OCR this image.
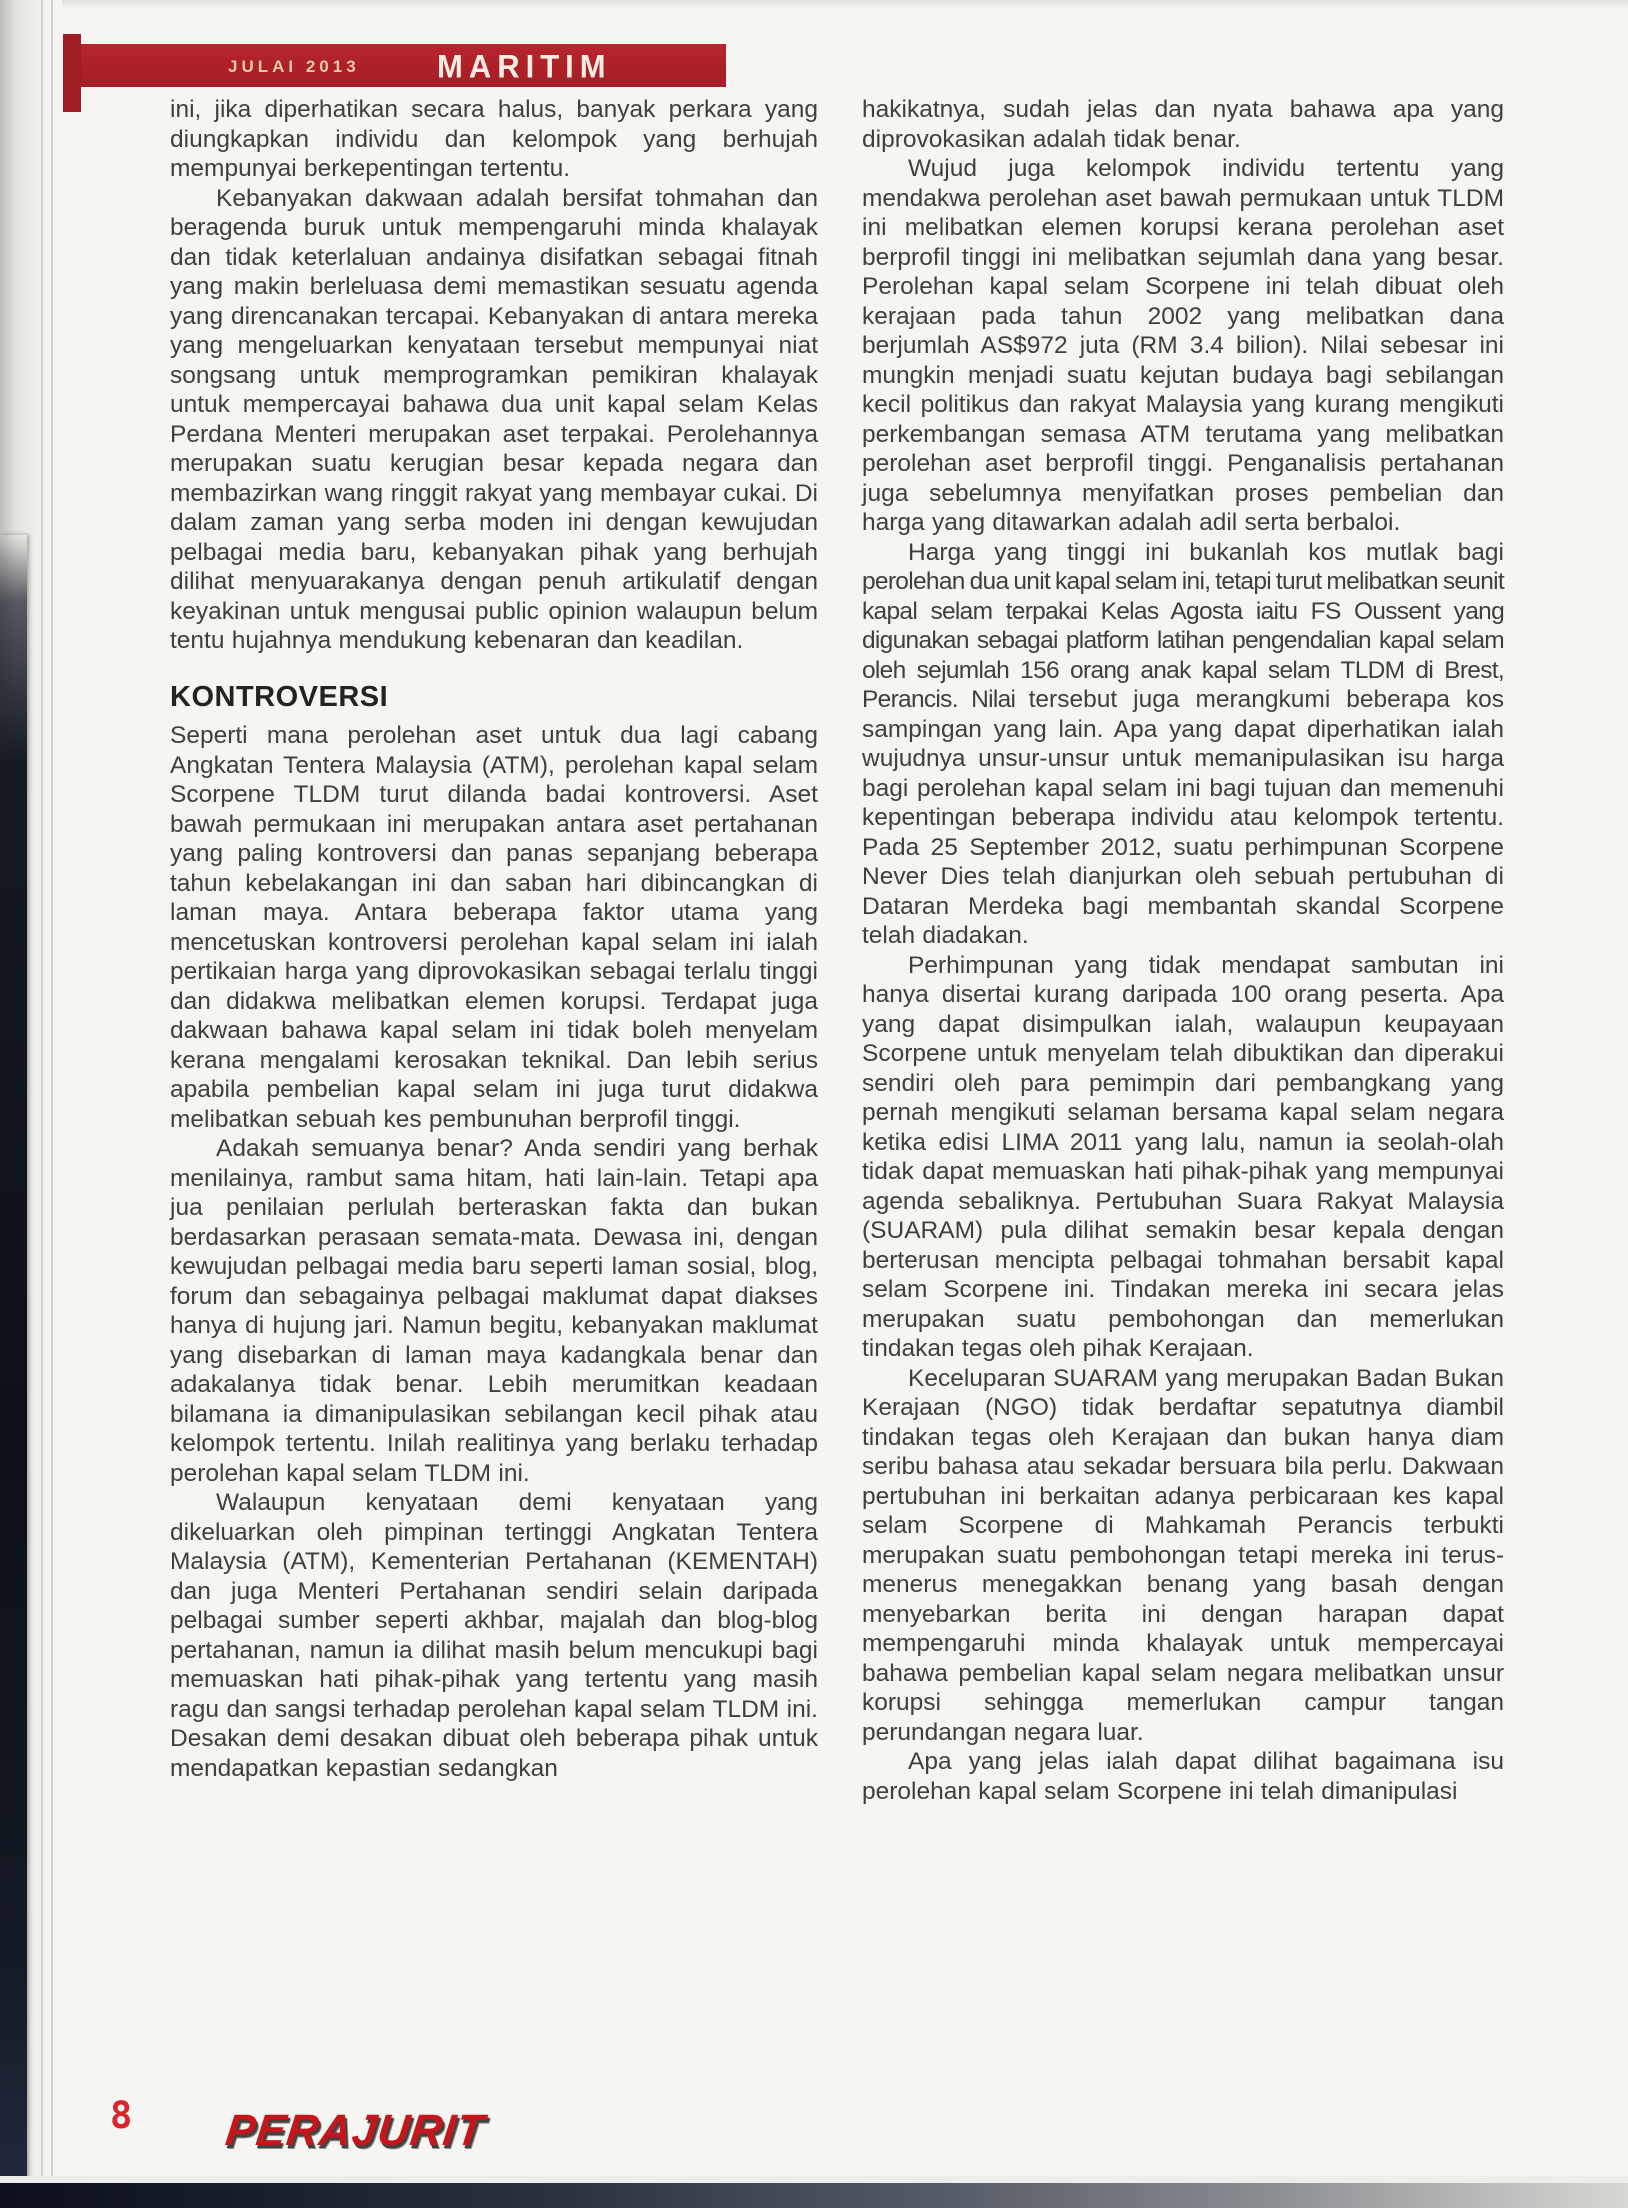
JULAI 2013 MARITIM

ini, jika diperhatikan secara halus, banyak perkara yang diungkapkan individu dan kelompok yang berhujah mempunyai berkepentingan tertentu.

Kebanyakan dakwaan adalah bersifat tohmahan dan beragenda buruk untuk mempengaruhi minda khalayak dan tidak keterlaluan andainya disifatkan sebagai fitnah yang makin berleluasa demi memastikan sesuatu agenda yang direncanakan tercapai. Kebanyakan di antara mereka yang mengeluarkan kenyataan tersebut mempunyai niat songsang untuk memprogramkan pemikiran khalayak untuk mempercayai bahawa dua unit kapal selam Kelas Perdana Menteri merupakan aset terpakai. Perolehannya merupakan suatu kerugian besar kepada negara dan membazirkan wang ringgit rakyat yang membayar cukai. Di dalam zaman yang serba moden ini dengan kewujudan pelbagai media baru, kebanyakan pihak yang berhujah dilihat menyuarakanya dengan penuh artikulatif dengan keyakinan untuk mengusai public opinion walaupun belum tentu hujahnya mendukung kebenaran dan keadilan.

KONTROVERSI

Seperti mana perolehan aset untuk dua lagi cabang Angkatan Tentera Malaysia (ATM), perolehan kapal selam Scorpene TLDM turut dilanda badai kontroversi. Aset bawah permukaan ini merupakan antara aset pertahanan yang paling kontroversi dan panas sepanjang beberapa tahun kebelakangan ini dan saban hari dibincangkan di laman maya. Antara beberapa faktor utama yang mencetuskan kontroversi perolehan kapal selam ini ialah pertikaian harga yang diprovokasikan sebagai terlalu tinggi dan didakwa melibatkan elemen korupsi. Terdapat juga dakwaan bahawa kapal selam ini tidak boleh menyelam kerana mengalami kerosakan teknikal. Dan lebih serius apabila pembelian kapal selam ini juga turut didakwa melibatkan sebuah kes pembunuhan berprofil tinggi.

Adakah semuanya benar? Anda sendiri yang berhak menilainya, rambut sama hitam, hati lain-lain. Tetapi apa jua penilaian perlulah berteraskan fakta dan bukan berdasarkan perasaan semata-mata. Dewasa ini, dengan kewujudan pelbagai media baru seperti laman sosial, blog, forum dan sebagainya pelbagai maklumat dapat diakses hanya di hujung jari. Namun begitu, kebanyakan maklumat yang disebarkan di laman maya kadangkala benar dan adakalanya tidak benar. Lebih merumitkan keadaan bilamana ia dimanipulasikan sebilangan kecil pihak atau kelompok tertentu. Inilah realitinya yang berlaku terhadap perolehan kapal selam TLDM ini.

Walaupun kenyataan demi kenyataan yang dikeluarkan oleh pimpinan tertinggi Angkatan Tentera Malaysia (ATM), Kementerian Pertahanan (KEMENTAH) dan juga Menteri Pertahanan sendiri selain daripada pelbagai sumber seperti akhbar, majalah dan blog-blog pertahanan, namun ia dilihat masih belum mencukupi bagi memuaskan hati pihak-pihak yang tertentu yang masih ragu dan sangsi terhadap perolehan kapal selam TLDM ini. Desakan demi desakan dibuat oleh beberapa pihak untuk mendapatkan kepastian sedangkan

hakikatnya, sudah jelas dan nyata bahawa apa yang diprovokasikan adalah tidak benar.

Wujud juga kelompok individu tertentu yang mendakwa perolehan aset bawah permukaan untuk TLDM ini melibatkan elemen korupsi kerana perolehan aset berprofil tinggi ini melibatkan sejumlah dana yang besar. Perolehan kapal selam Scorpene ini telah dibuat oleh kerajaan pada tahun 2002 yang melibatkan dana berjumlah AS$972 juta (RM 3.4 bilion). Nilai sebesar ini mungkin menjadi suatu kejutan budaya bagi sebilangan kecil politikus dan rakyat Malaysia yang kurang mengikuti perkembangan semasa ATM terutama yang melibatkan perolehan aset berprofil tinggi. Penganalisis pertahanan juga sebelumnya menyifatkan proses pembelian dan harga yang ditawarkan adalah adil serta berbaloi.

Harga yang tinggi ini bukanlah kos mutlak bagi perolehan dua unit kapal selam ini, tetapi turut melibatkan seunit kapal selam terpakai Kelas Agosta iaitu FS Oussent yang digunakan sebagai platform latihan pengendalian kapal selam oleh sejumlah 156 orang anak kapal selam TLDM di Brest, Perancis. Nilai tersebut juga merangkumi beberapa kos sampingan yang lain. Apa yang dapat diperhatikan ialah wujudnya unsur-unsur untuk memanipulasikan isu harga bagi perolehan kapal selam ini bagi tujuan dan memenuhi kepentingan beberapa individu atau kelompok tertentu. Pada 25 September 2012, suatu perhimpunan Scorpene Never Dies telah dianjurkan oleh sebuah pertubuhan di Dataran Merdeka bagi membantah skandal Scorpene telah diadakan.

Perhimpunan yang tidak mendapat sambutan ini hanya disertai kurang daripada 100 orang peserta. Apa yang dapat disimpulkan ialah, walaupun keupayaan Scorpene untuk menyelam telah dibuktikan dan diperakui sendiri oleh para pemimpin dari pembangkang yang pernah mengikuti selaman bersama kapal selam negara ketika edisi LIMA 2011 yang lalu, namun ia seolah-olah tidak dapat memuaskan hati pihak-pihak yang mempunyai agenda sebaliknya. Pertubuhan Suara Rakyat Malaysia (SUARAM) pula dilihat semakin besar kepala dengan berterusan mencipta pelbagai tohmahan bersabit kapal selam Scorpene ini. Tindakan mereka ini secara jelas merupakan suatu pembohongan dan memerlukan tindakan tegas oleh pihak Kerajaan.

Keceluparan SUARAM yang merupakan Badan Bukan Kerajaan (NGO) tidak berdaftar sepatutnya diambil tindakan tegas oleh Kerajaan dan bukan hanya diam seribu bahasa atau sekadar bersuara bila perlu. Dakwaan pertubuhan ini berkaitan adanya perbicaraan kes kapal selam Scorpene di Mahkamah Perancis terbukti merupakan suatu pembohongan tetapi mereka ini terus-menerus menegakkan benang yang basah dengan menyebarkan berita ini dengan harapan dapat mempengaruhi minda khalayak untuk mempercayai bahawa pembelian kapal selam negara melibatkan unsur korupsi sehingga memerlukan campur tangan perundangan negara luar.

Apa yang jelas ialah dapat dilihat bagaimana isu perolehan kapal selam Scorpene ini telah dimanipulasi

8 PERAJURIT
